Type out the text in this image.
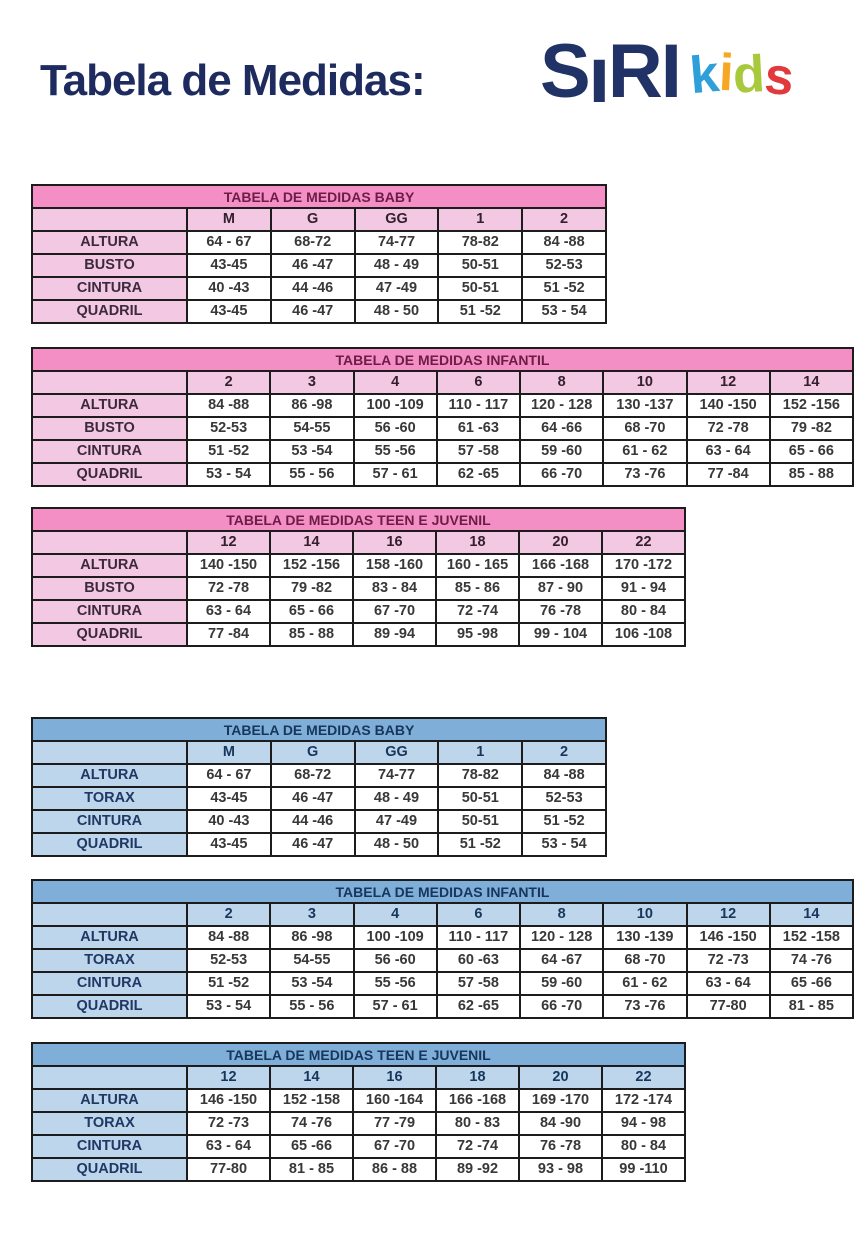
Tabela de Medidas: SIRI kids
TABELA DE MEDIDAS BABY					
	M	G	GG	1	2
ALTURA	64 - 67	68-72	74-77	78-82	84 -88
BUSTO	43-45	46 -47	48 - 49	50-51	52-53
CINTURA	40 -43	44 -46	47 -49	50-51	51 -52
QUADRIL	43-45	46 -47	48 - 50	51 -52	53 - 54
TABELA DE MEDIDAS INFANTIL								
	2	3	4	6	8	10	12	14
ALTURA	84 -88	86 -98	100 -109	110 - 117	120 - 128	130 -137	140 -150	152 -156
BUSTO	52-53	54-55	56 -60	61 -63	64 -66	68 -70	72 -78	79 -82
CINTURA	51 -52	53 -54	55 -56	57 -58	59 -60	61 - 62	63 - 64	65 - 66
QUADRIL	53 - 54	55 - 56	57 - 61	62 -65	66 -70	73 -76	77 -84	85 - 88
TABELA DE MEDIDAS TEEN E JUVENIL						
	12	14	16	18	20	22
ALTURA	140 -150	152 -156	158 -160	160 - 165	166 -168	170 -172
BUSTO	72 -78	79 -82	83 - 84	85 - 86	87 - 90	91 - 94
CINTURA	63 - 64	65 - 66	67 -70	72 -74	76 -78	80 - 84
QUADRIL	77 -84	85 - 88	89 -94	95 -98	99 - 104	106 -108
TABELA DE MEDIDAS BABY					
	M	G	GG	1	2
ALTURA	64 - 67	68-72	74-77	78-82	84 -88
TORAX	43-45	46 -47	48 - 49	50-51	52-53
CINTURA	40 -43	44 -46	47 -49	50-51	51 -52
QUADRIL	43-45	46 -47	48 - 50	51 -52	53 - 54
TABELA DE MEDIDAS INFANTIL								
	2	3	4	6	8	10	12	14
ALTURA	84 -88	86 -98	100 -109	110 - 117	120 - 128	130 -139	146 -150	152 -158
TORAX	52-53	54-55	56 -60	60 -63	64 -67	68 -70	72 -73	74 -76
CINTURA	51 -52	53 -54	55 -56	57 -58	59 -60	61 - 62	63 - 64	65 -66
QUADRIL	53 - 54	55 - 56	57 - 61	62 -65	66 -70	73 -76	77-80	81 - 85
TABELA DE MEDIDAS TEEN E JUVENIL						
	12	14	16	18	20	22
ALTURA	146 -150	152 -158	160 -164	166 -168	169 -170	172 -174
TORAX	72 -73	74 -76	77 -79	80 - 83	84 -90	94 - 98
CINTURA	63 - 64	65 -66	67 -70	72 -74	76 -78	80 - 84
QUADRIL	77-80	81 - 85	86 - 88	89 -92	93 - 98	99 -110
